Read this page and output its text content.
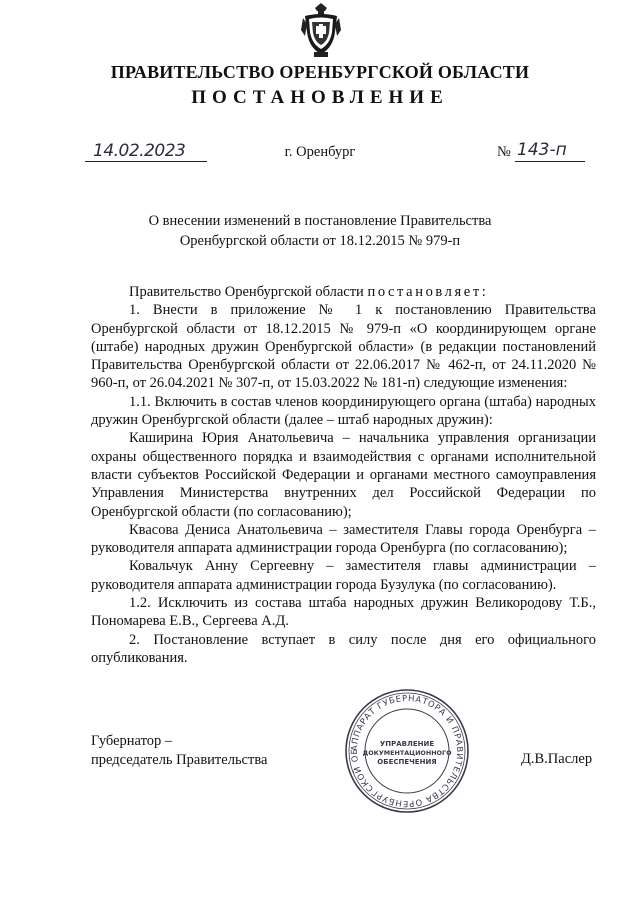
ПРАВИТЕЛЬСТВО ОРЕНБУРГСКОЙ ОБЛАСТИ
ПОСТАНОВЛЕНИЕ
14.02.2023	г. Оренбург	№ 143-п
О внесении изменений в постановление Правительства
Оренбургской области от 18.12.2015 № 979-п

Правительство Оренбургской области постановляет:

1. Внести в приложение № 1 к постановлению Правительства Оренбургской области от 18.12.2015 № 979-п «О координирующем органе (штабе) народных дружин Оренбургской области» (в редакции постановлений Правительства Оренбургской области от 22.06.2017 № 462-п, от 24.11.2020 № 960-п, от 26.04.2021 № 307-п, от 15.03.2022 № 181-п) следующие изменения:

1.1. Включить в состав членов координирующего органа (штаба) народных дружин Оренбургской области (далее – штаб народных дружин):

Каширина Юрия Анатольевича – начальника управления организации охраны общественного порядка и взаимодействия с органами исполнительной власти субъектов Российской Федерации и органами местного самоуправления Управления Министерства внутренних дел Российской Федерации по Оренбургской области (по согласованию);

Квасова Дениса Анатольевича – заместителя Главы города Оренбурга – руководителя аппарата администрации города Оренбурга (по согласованию);

Ковальчук Анну Сергеевну – заместителя главы администрации – руководителя аппарата администрации города Бузулука (по согласованию).

1.2. Исключить из состава штаба народных дружин Великородову Т.Б., Пономарева Е.В., Сергеева А.Д.

2. Постановление вступает в силу после дня его официального опубликования.

Губернатор –
председатель Правительства	Д.В.Паслер
АППАРАТ ГУБЕРНАТОРА И ПРАВИТЕЛЬСТВА ОРЕНБУРГСКОЙ ОБ
УПРАВЛЕНИЕ
ДОКУМЕНТАЦИОННОГО
ОБЕСПЕЧЕНИЯ
